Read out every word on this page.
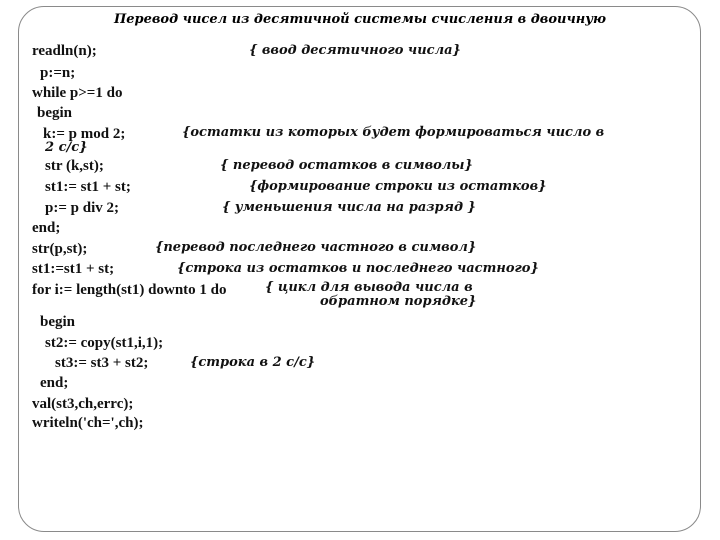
Перевод чисел из десятичной системы счисления в двоичную
readln(n);
p:=n;
while p>=1 do
begin
k:= p mod 2;
2 с/с}
str (k,st);
st1:= st1 + st;
p:= p div 2;
end;
str(p,st);
st1:=st1 + st;
for i:= length(st1) downto 1 do
begin
st2:= copy(st1,i,1);
st3:= st3 + st2;
end;
val(st3,ch,errc);
writeln('ch=',ch);
{ ввод десятичного числа}
{остатки из которых будет формироваться число в
{ перевод остатков в символы}
{формирование строки из остатков}
{ уменьшения числа на разряд }
{перевод последнего частного в символ}
{строка из остатков и последнего частного}
{ цикл для вывода числа в
обратном порядке}
{строка в 2 с/с}
